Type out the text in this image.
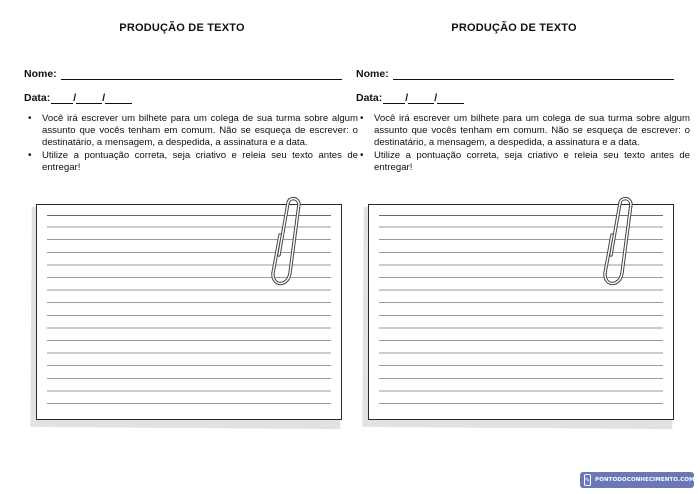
PRODUÇÃO DE TEXTO
Nome:
Data: / /
• Você irá escrever um bilhete para um colega de sua turma sobre algum assunto que vocês tenham em comum. Não se esqueça de escrever: o destinatário, a mensagem, a despedida, a assinatura e a data.
• Utilize a pontuação correta, seja criativo e releia seu texto antes de entregar!
PRODUÇÃO DE TEXTO
Nome:
Data: / /
• Você irá escrever um bilhete para um colega de sua turma sobre algum assunto que vocês tenham em comum. Não se esqueça de escrever: o destinatário, a mensagem, a despedida, a assinatura e a data.
• Utilize a pontuação correta, seja criativo e releia seu texto antes de entregar!
✎ PONTODOCONHECIMENTO.COM
